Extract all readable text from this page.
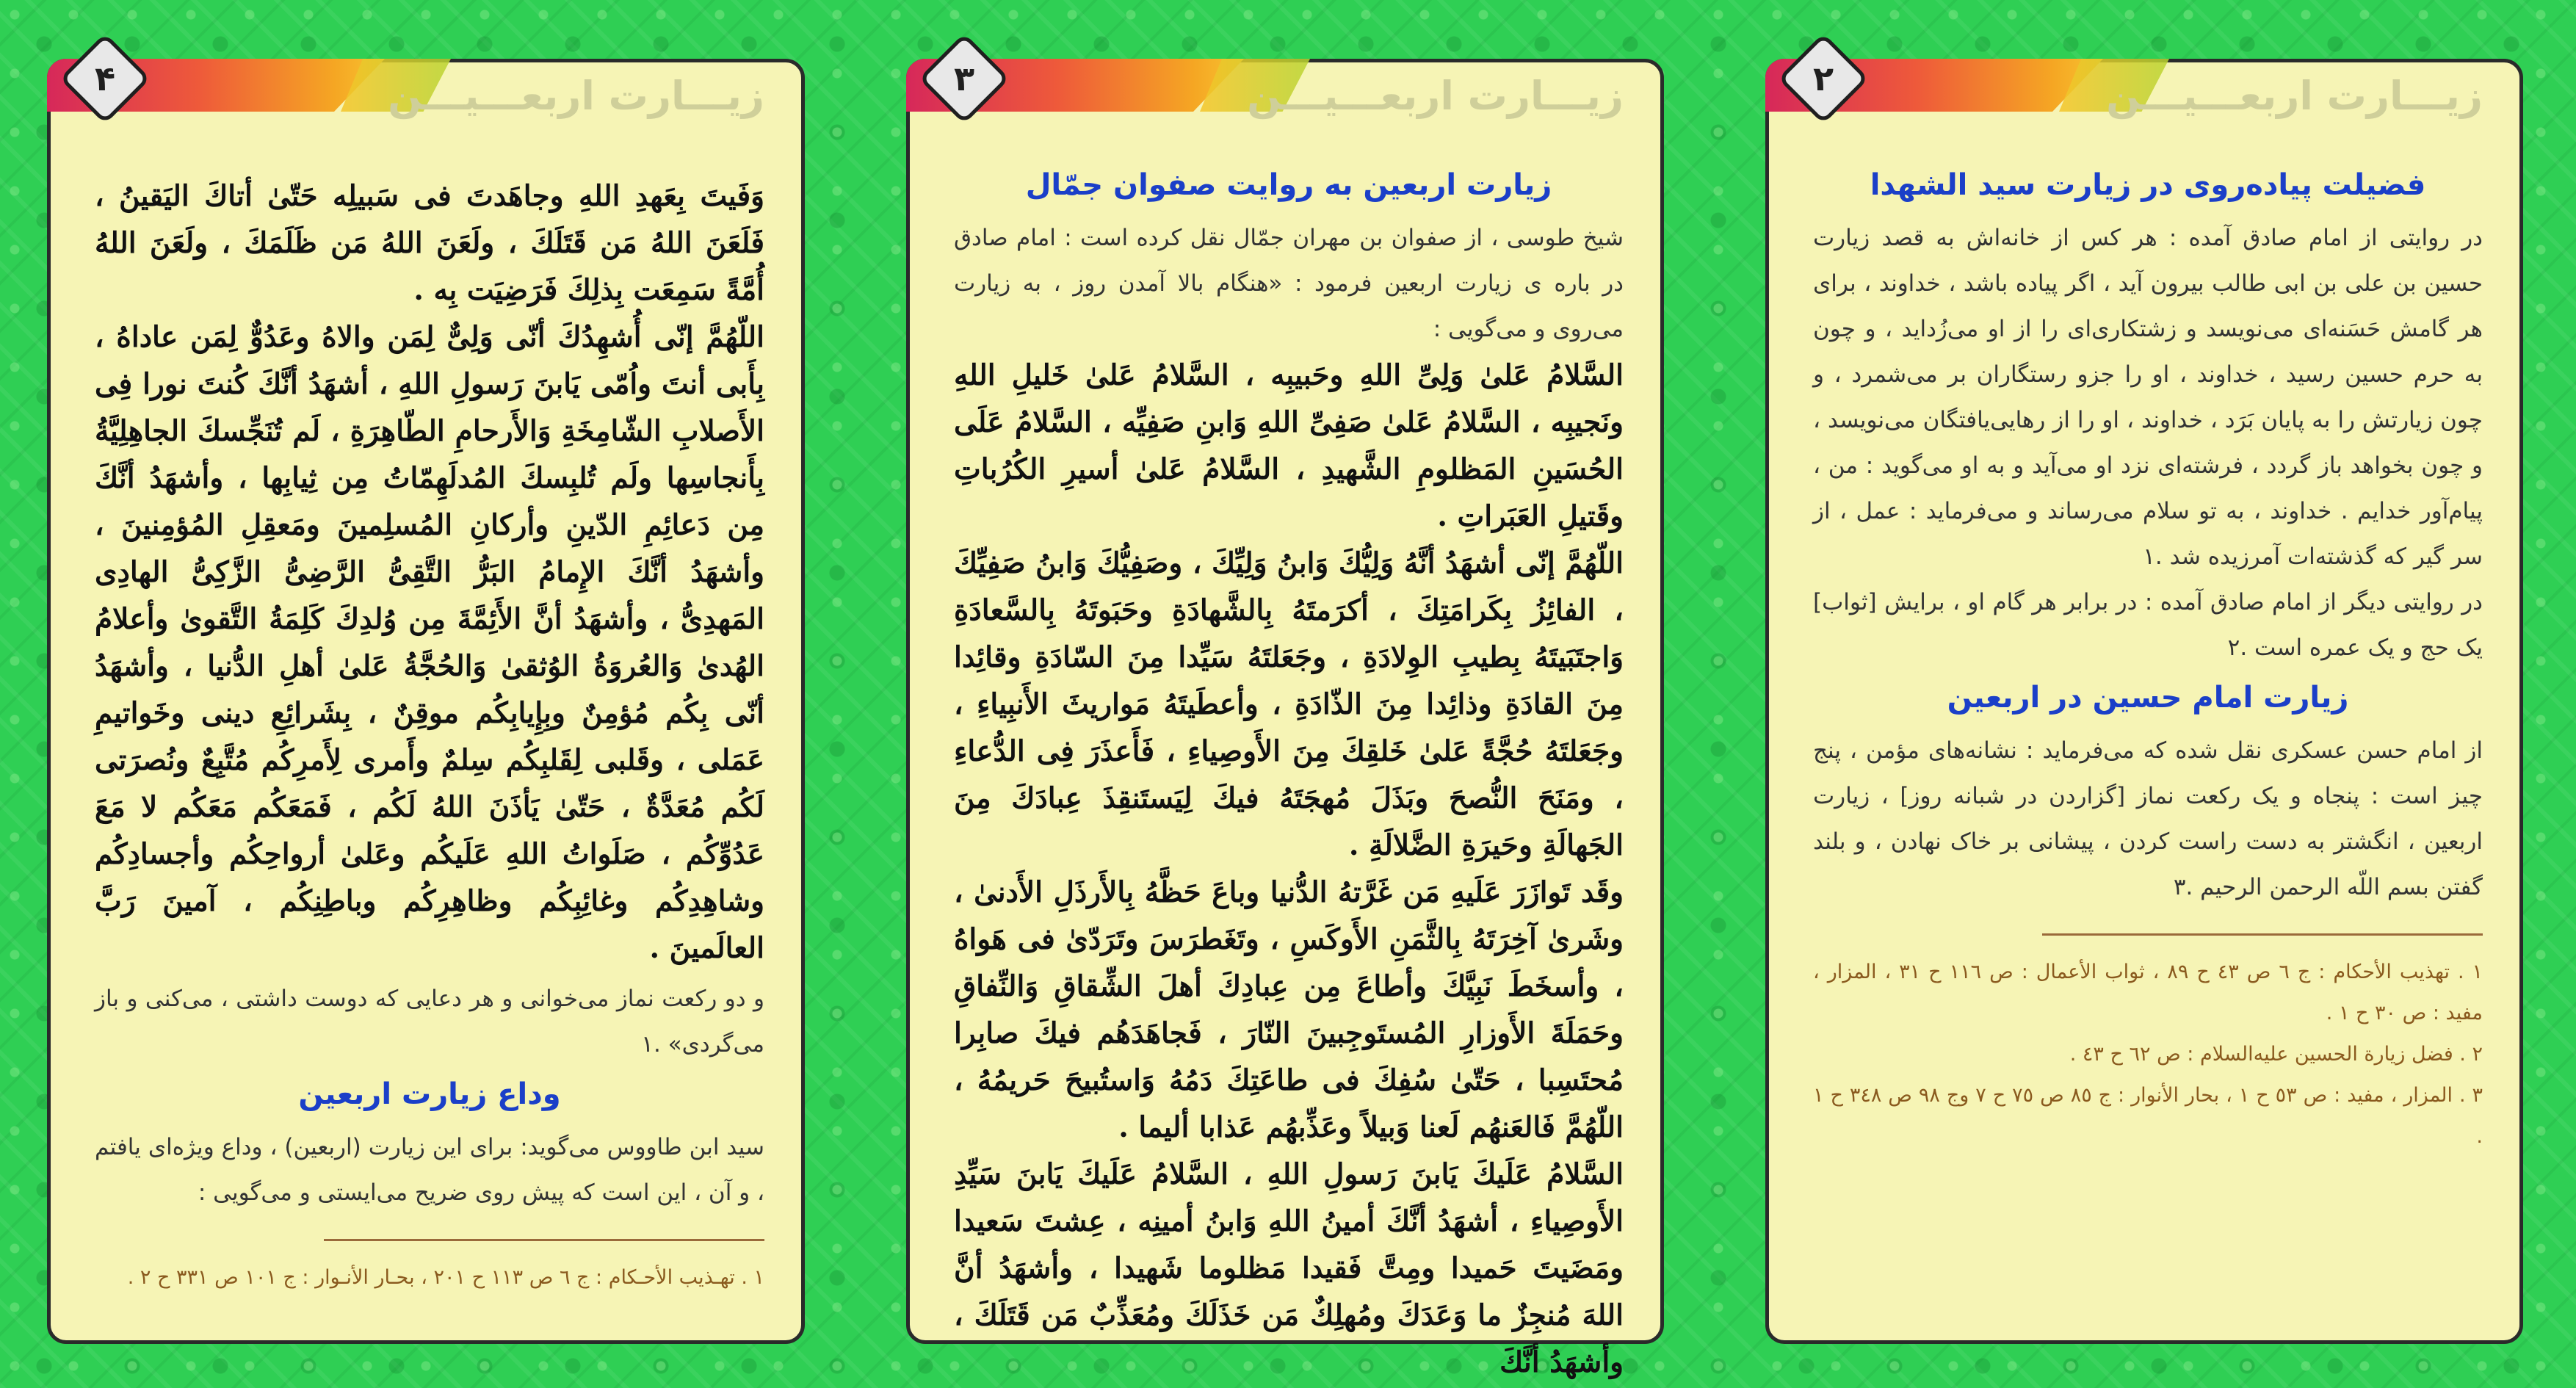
۴	زیـــارت اربعـــیـــن

وَفَيتَ بِعَهدِ اللهِ وجاهَدتَ فی سَبيلِه حَتّیٰ أتاكَ اليَقينُ ، فَلَعَنَ اللهُ مَن قَتَلَكَ ، ولَعَنَ اللهُ مَن ظَلَمَكَ ، ولَعَنَ اللهُ أُمَّةً سَمِعَت بِذلِكَ فَرَضِيَت بِه .

اللّهُمَّ إنّی أُشهِدُكَ أنّی وَلِیٌّ لِمَن والاهُ وعَدُوٌّ لِمَن عاداهُ ، بِأَبی أنتَ واُمّی يَابنَ رَسولِ اللهِ ، أشهَدُ أنَّكَ كُنتَ نورا فِی الأَصلابِ الشّامِخَةِ وَالأَرحامِ الطّاهِرَةِ ، لَم تُنَجِّسكَ الجاهِلِيَّةُ بِأَنجاسِها ولَم تُلبِسكَ المُدلَهِمّاتُ مِن ثِيابِها ، وأشهَدُ أنَّكَ مِن دَعائِمِ الدّينِ وأركانِ المُسلِمينَ ومَعقِلِ المُؤمِنينَ ، وأشهَدُ أنَّكَ الإِمامُ البَرُّ التَّقِیُّ الرَّضِیُّ الزَّكِیُّ الهادِی المَهدِیُّ ، وأشهَدُ أنَّ الأَئِمَّةَ مِن وُلدِكَ كَلِمَةُ التَّقوىٰ وأعلامُ الهُدىٰ وَالعُروَةُ الوُثقىٰ وَالحُجَّةُ عَلیٰ أهلِ الدُّنيا ، وأشهَدُ أنّی بِكُم مُؤمِنٌ وبِإِيابِكُم موقِنٌ ، بِشَرائِعِ دينی وخَواتيمِ عَمَلی ، وقَلبی لِقَلبِكُم سِلمٌ وأَمری لِأَمرِكُم مُتَّبِعٌ ونُصرَتی لَكُم مُعَدَّةٌ ، حَتّیٰ يَأذَنَ اللهُ لَكُم ، فَمَعَكُم مَعَكُم لا مَعَ عَدُوِّكُم ، صَلَواتُ اللهِ عَلَيكُم وعَلیٰ أرواحِكُم وأجسادِكُم وشاهِدِكُم وغائِبِكُم وظاهِرِكُم وباطِنِكُم ، آمينَ رَبَّ العالَمينَ .

و دو رکعت نماز می‌خوانی و هر دعایی که دوست داشتی ، می‌کنی و باز می‌گردی» .۱

وداع زیارت اربعین

سید ابن طاووس می‌گوید: برای این زیارت (اربعین) ، وداع ویژه‌ای یافتم ، و آن ، این است که پیش روی ضریح می‌ایستی و می‌گویی :

۱ . تهـذیب الأحـکام : ج ٦ ص ١١٣ ح ٢٠١ ، بحـار الأنـوار : ج ١٠١ ص ٣٣١ ح ٢ .

۳	زیـــارت اربعـــیـــن
زیارت اربعین به روایت صفوان جمّال

شیخ طوسی ، از صفوان بن مهران جمّال نقل کرده است : امام صادق در باره ی زیارت اربعین فرمود : «هنگام بالا آمدن روز ، به زیارت می‌روی و می‌گویی :

السَّلامُ عَلیٰ وَلِیِّ اللهِ وحَبيبِه ، السَّلامُ عَلیٰ خَليلِ اللهِ ونَجيبِه ، السَّلامُ عَلیٰ صَفِیِّ اللهِ وَابنِ صَفِيِّه ، السَّلامُ عَلَی الحُسَينِ المَظلومِ الشَّهيدِ ، السَّلامُ عَلیٰ أسيرِ الكُرُباتِ وقَتيلِ العَبَراتِ .

اللّهُمَّ إنّی أشهَدُ أنَّهُ وَلِيُّكَ وَابنُ وَلِيِّكَ ، وصَفِيُّكَ وَابنُ صَفِيِّكَ ، الفائِزُ بِكَرامَتِكَ ، أكرَمتَهُ بِالشَّهادَةِ وحَبَوتَهُ بِالسَّعادَةِ وَاجتَبَيتَهُ بِطيبِ الوِلادَةِ ، وجَعَلتَهُ سَيِّدا مِنَ السّادَةِ وقائِدا مِنَ القادَةِ وذائِدا مِنَ الذّادَةِ ، وأعطَيتَهُ مَواريثَ الأَنبِياءِ ، وجَعَلتَهُ حُجَّةً عَلیٰ خَلقِكَ مِنَ الأَوصِياءِ ، فَأَعذَرَ فِی الدُّعاءِ ، ومَنَحَ النُّصحَ وبَذَلَ مُهجَتَهُ فيكَ لِيَستَنقِذَ عِبادَكَ مِنَ الجَهالَةِ وحَيرَةِ الضَّلالَةِ .

وقَد تَوازَرَ عَلَيهِ مَن غَرَّتهُ الدُّنيا وباعَ حَظَّهُ بِالأَرذَلِ الأَدنیٰ ، وشَرىٰ آخِرَتَهُ بِالثَّمَنِ الأَوكَسِ ، وتَغَطرَسَ وتَرَدّیٰ فی هَواهُ ، وأسخَطَ نَبِيَّكَ وأطاعَ مِن عِبادِكَ أهلَ الشِّقاقِ وَالنِّفاقِ وحَمَلَةَ الأَوزارِ المُستَوجِبينَ النّارَ ، فَجاهَدَهُم فيكَ صابِرا مُحتَسِبا ، حَتّیٰ سُفِكَ فی طاعَتِكَ دَمُهُ وَاستُبيحَ حَريمُهُ ، اللّهُمَّ فَالعَنهُم لَعنا وَبيلاً وعَذِّبهُم عَذابا أليما .

السَّلامُ عَلَيكَ يَابنَ رَسولِ اللهِ ، السَّلامُ عَلَيكَ يَابنَ سَيِّدِ الأَوصِياءِ ، أشهَدُ أنَّكَ أمينُ اللهِ وَابنُ أمينِه ، عِشتَ سَعيدا ومَضَيتَ حَميدا ومِتَّ فَقيدا مَظلوما شَهيدا ، وأشهَدُ أنَّ اللهَ مُنجِزٌ ما وَعَدَكَ ومُهلِكٌ مَن خَذَلَكَ ومُعَذِّبٌ مَن قَتَلَكَ ، وأشهَدُ أنَّكَ

۲	زیـــارت اربعـــیـــن
فضیلت پیاده‌روی در زیارت سید الشهدا

در روایتی از امام صادق آمده : هر کس از خانه‌اش به قصد زیارت حسین بن علی بن ابی طالب بیرون آید ، اگر پیاده باشد ، خداوند ، برای هر گامش حَسَنه‌ای می‌نویسد و زشتکاری‌ای را از او می‌زُداید ، و چون به حرم حسین رسید ، خداوند ، او را جزو رستگاران بر می‌شمرد ، و چون زیارتش را به پایان بَرَد ، خداوند ، او را از رهایی‌یافتگان می‌نویسد ، و چون بخواهد باز گردد ، فرشته‌ای نزد او می‌آید و به او می‌گوید : من ، پیام‌آور خدایم . خداوند ، به تو سلام می‌رساند و می‌فرماید : عمل ، از سر گیر که گذشته‌ات آمرزیده شد .۱

در روایتی دیگر از امام صادق آمده : در برابر هر گام او ، برایش [ثواب] یک حج و یک عمره است .۲

زیارت امام حسین در اربعین

از امام حسن عسکری نقل شده که می‌فرماید : نشانه‌های مؤمن ، پنج چیز است : پنجاه و یک رکعت نماز [گزاردن در شبانه روز] ، زیارت اربعین ، انگشتر به دست راست کردن ، پیشانی بر خاک نهادن ، و بلند گفتن بسم اللّه الرحمن الرحیم .۳

۱ . تهذیب الأحکام : ج ٦ ص ٤٣ ح ٨٩ ، ثواب الأعمال : ص ١١٦ ح ٣١ ، المزار ، مفید : ص ٣٠ ح ١ .

۲ . فضل زیارة الحسین علیه‌السلام : ص ٦٢ ح ٤٣ .

۳ . المزار ، مفید : ص ٥٣ ح ١ ، بحار الأنوار : ج ٨٥ ص ٧٥ ح ٧ وج ٩٨ ص ٣٤٨ ح ١ .
